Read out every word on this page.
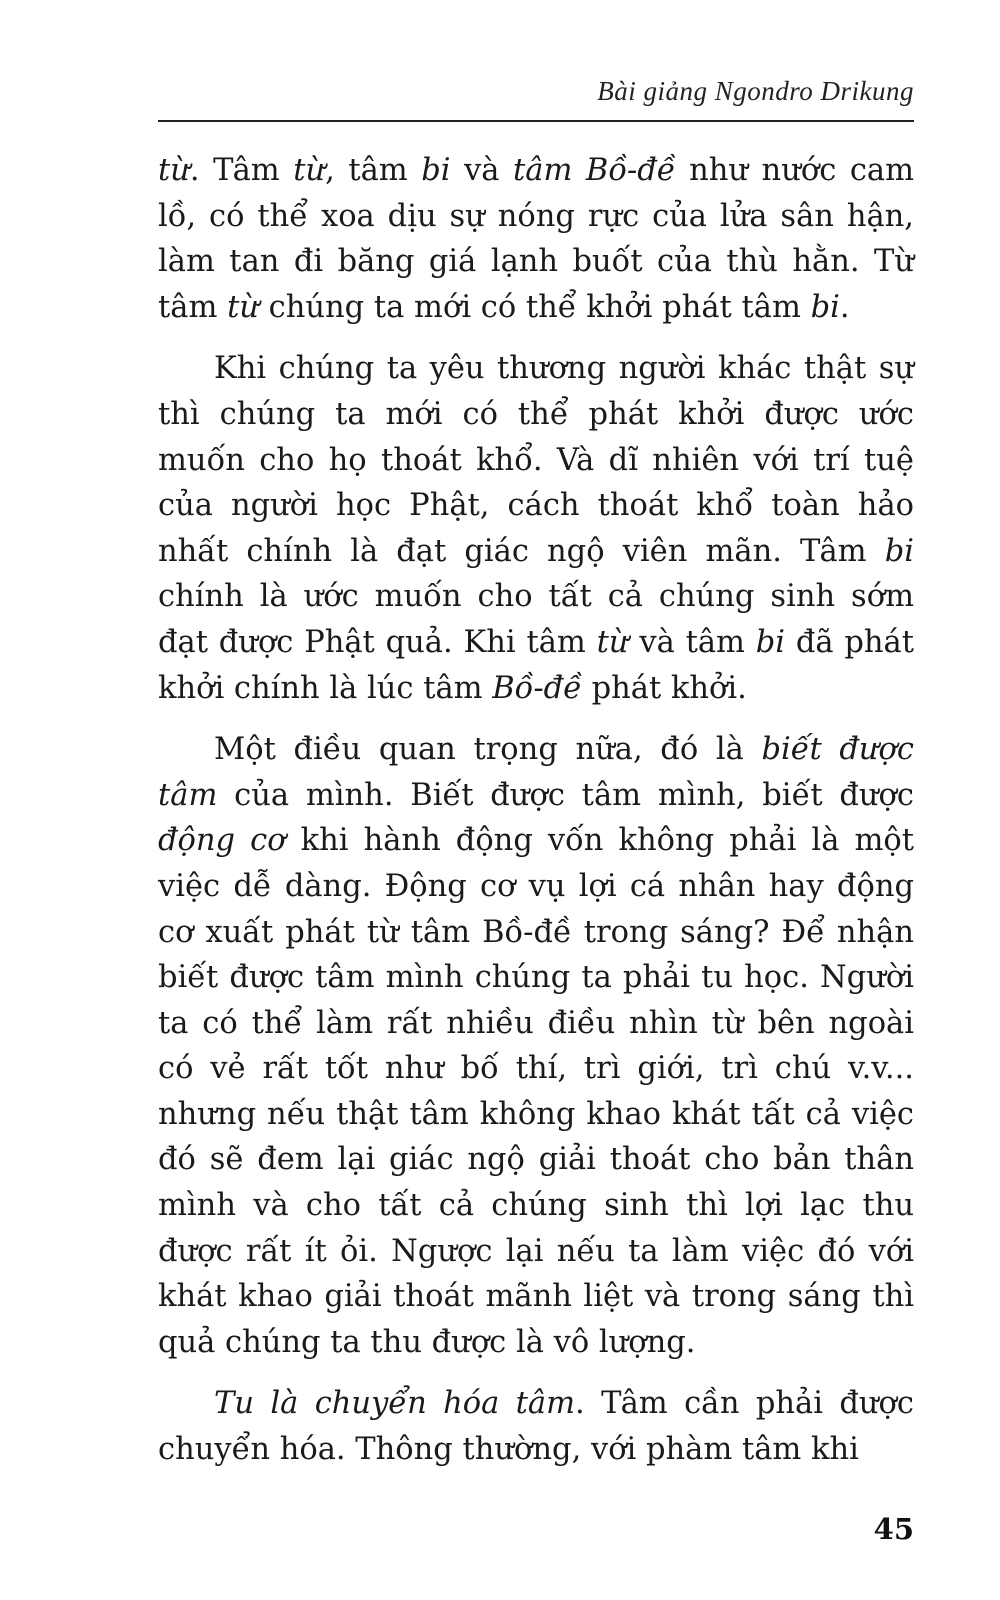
Bài giảng Ngondro Drikung

từ. Tâm từ, tâm bi và tâm Bồ-đề như nước cam lồ, có thể xoa dịu sự nóng rực của lửa sân hận, làm tan đi băng giá lạnh buốt của thù hằn. Từ tâm từ chúng ta mới có thể khởi phát tâm bi.

Khi chúng ta yêu thương người khác thật sự thì chúng ta mới có thể phát khởi được ước muốn cho họ thoát khổ. Và dĩ nhiên với trí tuệ của người học Phật, cách thoát khổ toàn hảo nhất chính là đạt giác ngộ viên mãn. Tâm bi chính là ước muốn cho tất cả chúng sinh sớm đạt được Phật quả. Khi tâm từ và tâm bi đã phát khởi chính là lúc tâm Bồ-đề phát khởi.

Một điều quan trọng nữa, đó là biết được tâm của mình. Biết được tâm mình, biết được động cơ khi hành động vốn không phải là một việc dễ dàng. Động cơ vụ lợi cá nhân hay động cơ xuất phát từ tâm Bồ-đề trong sáng? Để nhận biết được tâm mình chúng ta phải tu học. Người ta có thể làm rất nhiều điều nhìn từ bên ngoài có vẻ rất tốt như bố thí, trì giới, trì chú v.v... nhưng nếu thật tâm không khao khát tất cả việc đó sẽ đem lại giác ngộ giải thoát cho bản thân mình và cho tất cả chúng sinh thì lợi lạc thu được rất ít ỏi. Ngược lại nếu ta làm việc đó với khát khao giải thoát mãnh liệt và trong sáng thì quả chúng ta thu được là vô lượng.

Tu là chuyển hóa tâm. Tâm cần phải được chuyển hóa. Thông thường, với phàm tâm khi

45
